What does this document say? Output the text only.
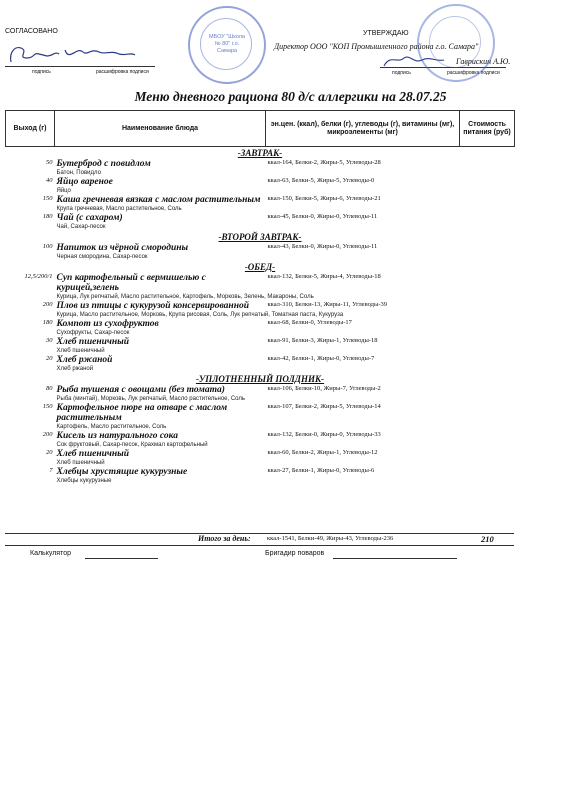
СОГЛАСОВАНО	УТВЕРЖДАЮ
Директор ООО "КОП Промышленного района г.о. Самара"
подпись	расшифровка подписи
Гаврискин А.Ю.
подпись	расшифровка подписи
МБОУ "Школа № 80" г.о. Самара
Меню дневного рациона 80 д/с аллергики на 28.07.25
Выход (г)	Наименование блюда	эн.цен. (ккал), белки (г), углеводы (г), витамины (мг), микроэлементы (мг)	Стоимость питания (руб)
-ЗАВТРАК-			
50	Бутерброд с повидлом
Батон, Повидло	ккал-164, Белки-2, Жиры-5, Углеводы-28	
40	Яйцо вареное
Яйцо	ккал-63, Белки-5, Жиры-5, Углеводы-0	
150	Каша гречневая вязкая с маслом растительным
Крупа гречневая, Масло растительное, Соль	ккал-150, Белки-5, Жиры-6, Углеводы-21	
180	Чай (с сахаром)
Чай, Сахар-песок	ккал-45, Белки-0, Жиры-0, Углеводы-11	
-ВТОРОЙ ЗАВТРАК-			
100	Напиток из чёрной смородины
Черная смородина, Сахар-песок	ккал-43, Белки-0, Жиры-0, Углеводы-11	
-ОБЕД-			
12,5/200/1	Суп картофельный с вермишелью с курицей,зелень
Курица, Лук репчатый, Масло растительное, Картофель, Морковь, Зелень, Макароны, Соль	ккал-132, Белки-5, Жиры-4, Углеводы-18	
200	Плов из птицы с кукурузой консервированной
Курица, Масло растительное, Морковь, Крупа рисовая, Соль, Лук репчатый, Томатная паста, Кукуруза	ккал-310, Белки-13, Жиры-11, Углеводы-39	
180	Компот из сухофруктов
Сухофрукты, Сахар-песок	ккал-68, Белки-0, Углеводы-17	
30	Хлеб пшеничный
Хлеб пшеничный	ккал-91, Белки-3, Жиры-1, Углеводы-18	
20	Хлеб ржаной
Хлеб ржаной	ккал-42, Белки-1, Жиры-0, Углеводы-7	
-УПЛОТНЕННЫЙ ПОЛДНИК-			
80	Рыба тушеная с овощами (без томата)
Рыба (минтай), Морковь, Лук репчатый, Масло растительное, Соль	ккал-106, Белки-10, Жиры-7, Углеводы-2	
150	Картофельное пюре на отваре с маслом растительным
Картофель, Масло растительное, Соль	ккал-107, Белки-2, Жиры-5, Углеводы-14	
200	Кисель из натурального сока
Сок фруктовый, Сахар-песок, Крахмал картофельный	ккал-132, Белки-0, Жиры-0, Углеводы-33	
20	Хлеб пшеничный
Хлеб пшеничный	ккал-60, Белки-2, Жиры-1, Углеводы-12	
7	Хлебцы хрустящие кукурузные
Хлебцы кукурузные	ккал-27, Белки-1, Жиры-0, Углеводы-6	
Итого за день:	ккал-1541, Белки-49, Жиры-43, Углеводы-236	210
Калькулятор	Бригадир поваров
